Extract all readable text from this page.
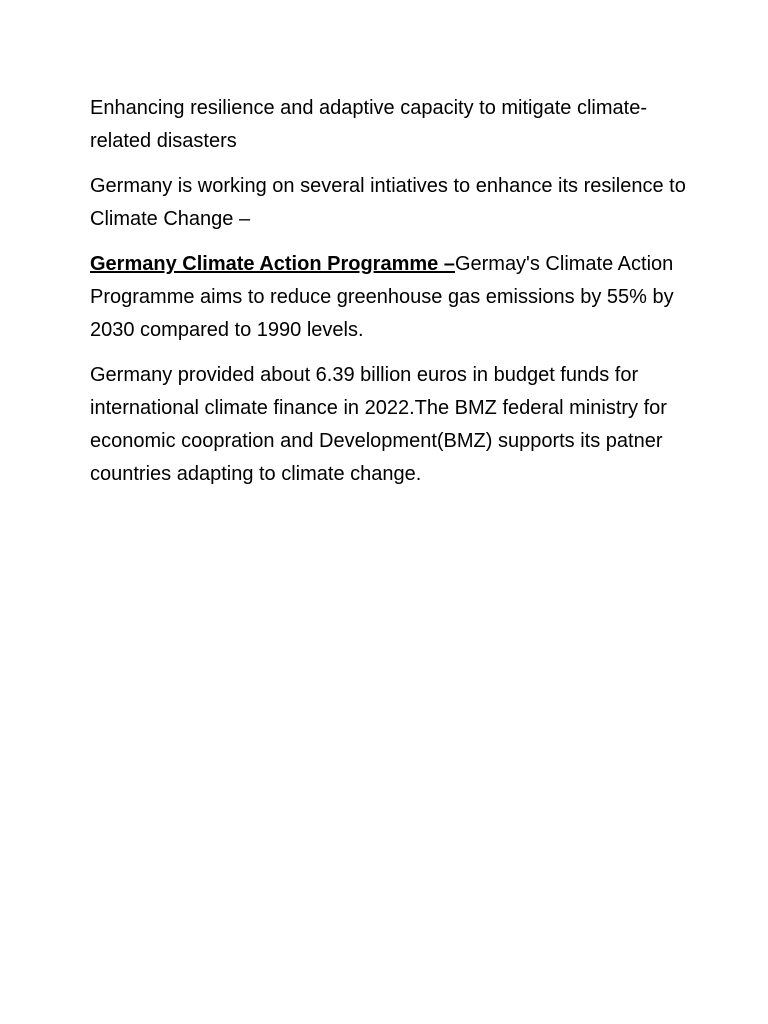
Enhancing resilience and adaptive capacity to mitigate climate-related disasters

Germany is working on several intiatives to enhance its resilence to Climate Change –

Germany Climate Action Programme –Germay's Climate Action Programme aims to reduce greenhouse gas emissions by 55% by 2030 compared to 1990 levels.

Germany provided about 6.39 billion euros in budget funds for international climate finance in 2022.The BMZ federal ministry for economic coopration and Development(BMZ) supports its patner countries adapting to climate change.
